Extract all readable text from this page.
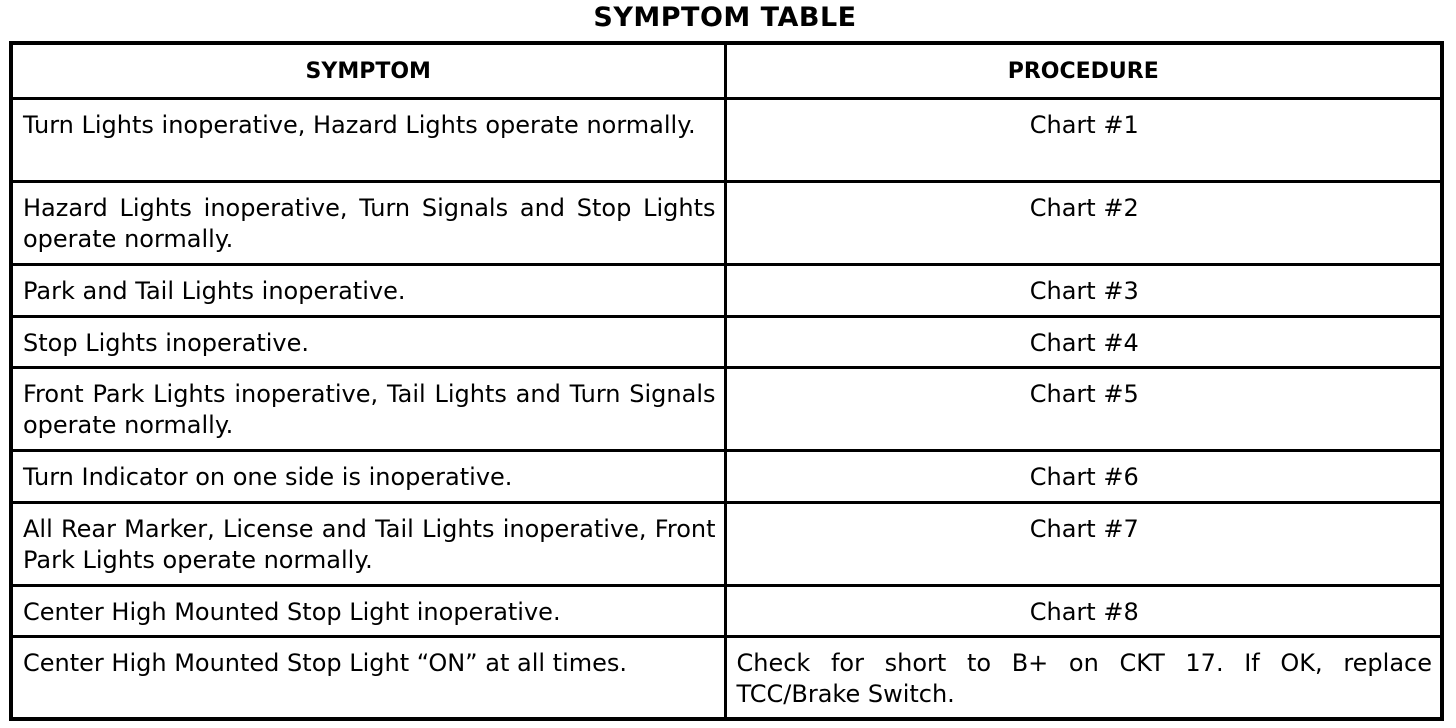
SYMPTOM TABLE
SYMPTOM	PROCEDURE
Turn Lights inoperative, Hazard Lights operate normally.	Chart #1
Hazard Lights inoperative, Turn Signals and Stop Lights operate normally.	Chart #2
Park and Tail Lights inoperative.	Chart #3
Stop Lights inoperative.	Chart #4
Front Park Lights inoperative, Tail Lights and Turn Signals operate normally.	Chart #5
Turn Indicator on one side is inoperative.	Chart #6
All Rear Marker, License and Tail Lights inoperative, Front Park Lights operate normally.	Chart #7
Center High Mounted Stop Light inoperative.	Chart #8
Center High Mounted Stop Light “ON” at all times.	Check for short to B+ on CKT 17. If OK, replace TCC/Brake Switch.
